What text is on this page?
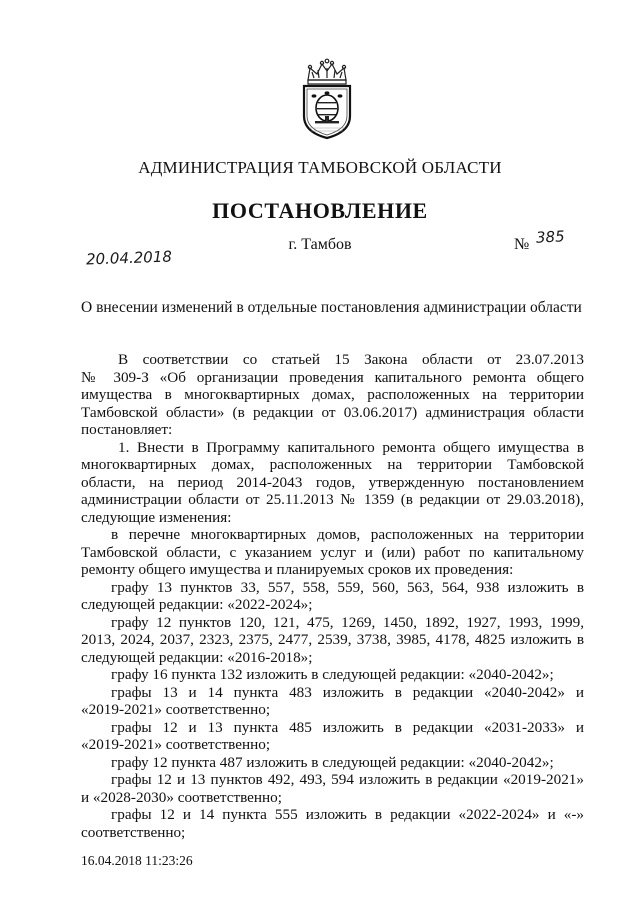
АДМИНИСТРАЦИЯ ТАМБОВСКОЙ ОБЛАСТИ
ПОСТАНОВЛЕНИЕ
20.04.2018
г. Тамбов	№ 385
О внесении изменений в отдельные постановления администрации области
В соответствии со статьей 15 Закона области от 23.07.2013
№ 309-З «Об организации проведения капитального ремонта общего
имущества в многоквартирных домах, расположенных на территории
Тамбовской области» (в редакции от 03.06.2017) администрация области
постановляет:
1. Внести в Программу капитального ремонта общего имущества в
многоквартирных домах, расположенных на территории Тамбовской
области, на период 2014-2043 годов, утвержденную постановлением
администрации области от 25.11.2013 № 1359 (в редакции от 29.03.2018),
следующие изменения:
в перечне многоквартирных домов, расположенных на территории
Тамбовской области, с указанием услуг и (или) работ по капитальному
ремонту общего имущества и планируемых сроков их проведения:
графу 13 пунктов 33, 557, 558, 559, 560, 563, 564, 938 изложить в
следующей редакции: «2022-2024»;
графу 12 пунктов 120, 121, 475, 1269, 1450, 1892, 1927, 1993, 1999,
2013, 2024, 2037, 2323, 2375, 2477, 2539, 3738, 3985, 4178, 4825 изложить в
следующей редакции: «2016-2018»;
графу 16 пункта 132 изложить в следующей редакции: «2040-2042»;
графы 13 и 14 пункта 483 изложить в редакции «2040-2042» и
«2019-2021» соответственно;
графы 12 и 13 пункта 485 изложить в редакции «2031-2033» и
«2019-2021» соответственно;
графу 12 пункта 487 изложить в следующей редакции: «2040-2042»;
графы 12 и 13 пунктов 492, 493, 594 изложить в редакции «2019-2021»
и «2028-2030» соответственно;
графы 12 и 14 пункта 555 изложить в редакции «2022-2024» и «-»
соответственно;
16.04.2018 11:23:26
